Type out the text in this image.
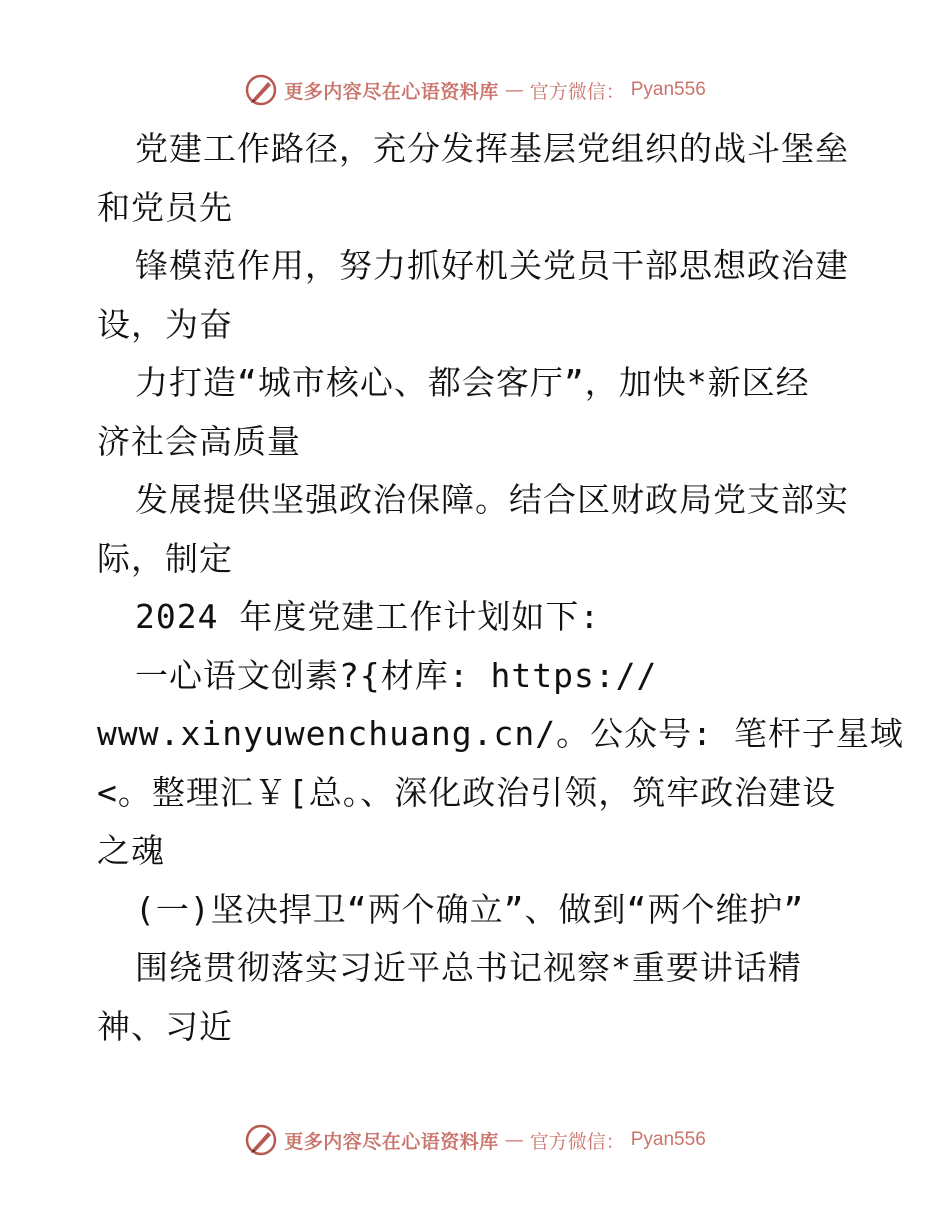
更多内容尽在心语资料库 — 官方微信： Pyan556
党建工作路径，充分发挥基层党组织的战斗堡垒
和党员先
锋模范作用，努力抓好机关党员干部思想政治建
设，为奋
力打造“城市核心、都会客厅”，加快*新区经
济社会高质量
发展提供坚强政治保障。结合区财政局党支部实
际，制定
2024 年度党建工作计划如下:
一心语文创素?{材库: https://
www.xinyuwenchuang.cn/。公众号: 笔杆子星域
<。整理汇￥[总。、深化政治引领，筑牢政治建设
之魂
(一)坚决捍卫“两个确立”、做到“两个维护”
围绕贯彻落实习近平总书记视察*重要讲话精
神、习近
更多内容尽在心语资料库 — 官方微信： Pyan556
